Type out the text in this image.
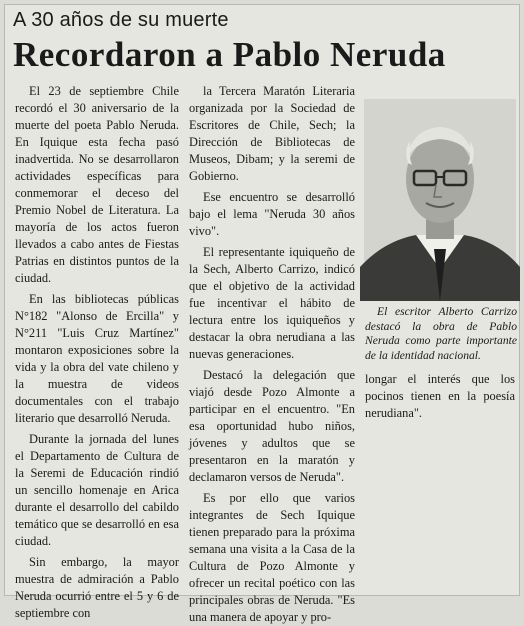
A 30 años de su muerte
Recordaron a Pablo Neruda

El 23 de septiembre Chile recordó el 30 aniversario de la muerte del poeta Pablo Neruda. En Iquique esta fecha pasó inadvertida. No se desarrollaron actividades específicas para conmemorar el deceso del Premio Nobel de Literatura. La mayoría de los actos fueron llevados a cabo antes de Fiestas Patrias en distintos puntos de la ciudad.

En las bibliotecas públicas N°182 "Alonso de Ercilla" y N°211 "Luis Cruz Martínez" montaron exposiciones sobre la vida y la obra del vate chileno y la muestra de videos documentales con el trabajo literario que desarrolló Neruda.

Durante la jornada del lunes el Departamento de Cultura de la Seremi de Educación rindió un sencillo homenaje en Arica durante el desarrollo del cabildo temático que se desarrolló en esa ciudad.

Sin embargo, la mayor muestra de admiración a Pablo Neruda ocurrió entre el 5 y 6 de septiembre con

la Tercera Maratón Literaria organizada por la Sociedad de Escritores de Chile, Sech; la Dirección de Bibliotecas de Museos, Dibam; y la seremi de Gobierno.

Ese encuentro se desarrolló bajo el lema "Neruda 30 años vivo".

El representante iquiqueño de la Sech, Alberto Carrizo, indicó que el objetivo de la actividad fue incentivar el hábito de lectura entre los iquiqueños y destacar la obra nerudiana a las nuevas generaciones.

Destacó la delegación que viajó desde Pozo Almonte a participar en el encuentro. "En esa oportunidad hubo niños, jóvenes y adultos que se presentaron en la maratón y declamaron versos de Neruda".

Es por ello que varios integrantes de Sech Iquique tienen preparado para la próxima semana una visita a la Casa de la Cultura de Pozo Almonte y ofrecer un recital poético con las principales obras de Neruda. "Es una manera de apoyar y pro-

El escritor Alberto Carrizo destacó la obra de Pablo Neruda como parte importante de la identidad nacional.

longar el interés que los pocinos tienen en la poesía nerudiana".
